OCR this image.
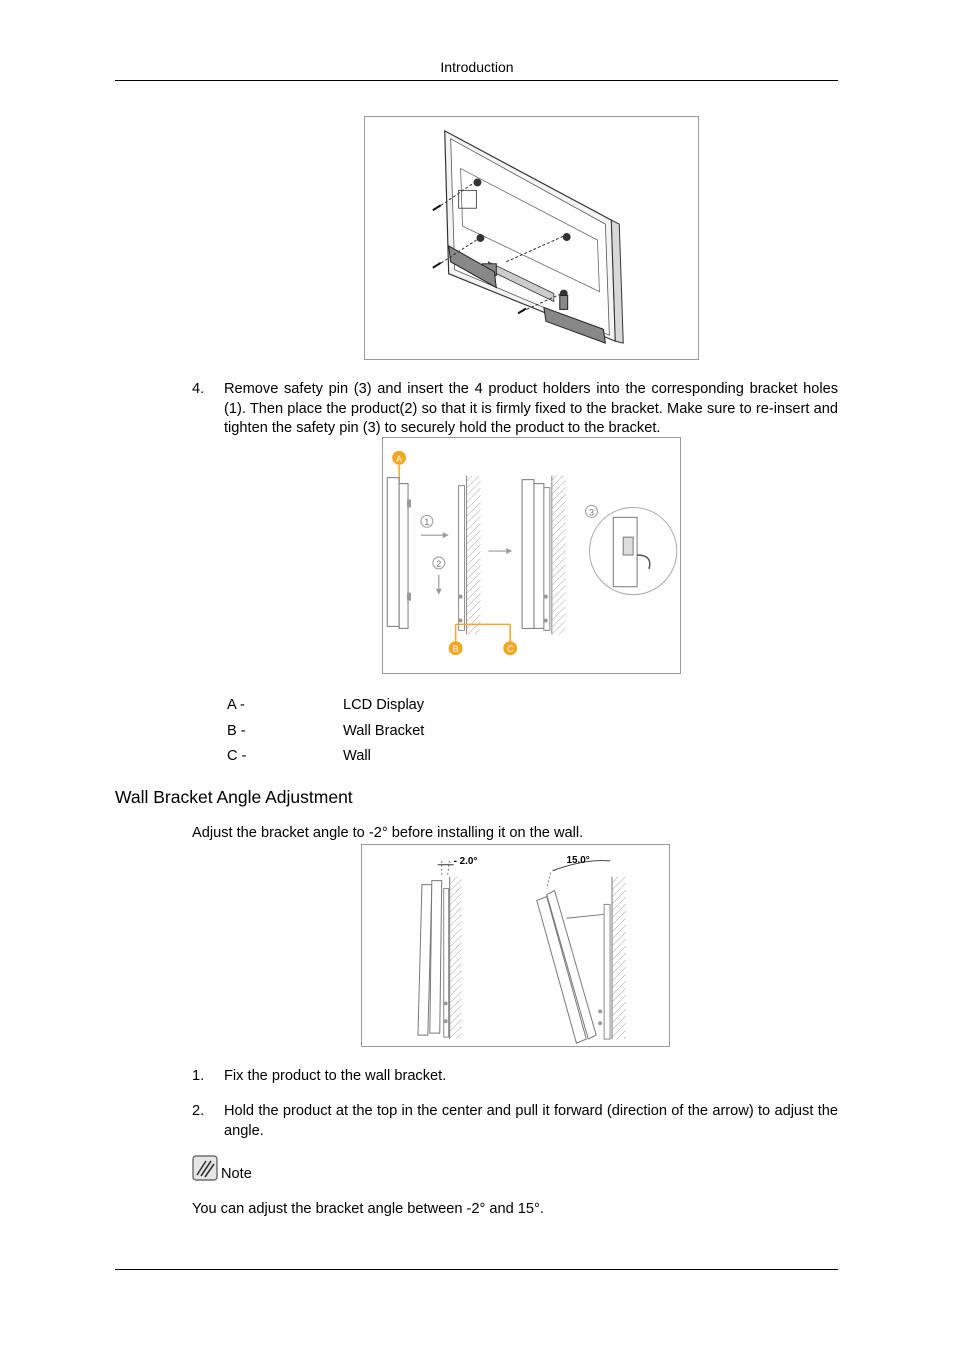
Introduction
4. Remove safety pin (3) and insert the 4 product holders into the corresponding bracket holes (1). Then place the product(2) so that it is firmly fixed to the bracket. Make sure to re-insert and tighten the safety pin (3) to securely hold the product to the bracket.
A
1
2
B	C
3
A -	LCD Display
B -	Wall Bracket
C -	Wall
Wall Bracket Angle Adjustment
Adjust the bracket angle to -2° before installing it on the wall.
- 2.0°	15.0°
1. Fix the product to the wall bracket.
2. Hold the product at the top in the center and pull it forward (direction of the arrow) to adjust the angle.
Note
You can adjust the bracket angle between -2° and 15°.
